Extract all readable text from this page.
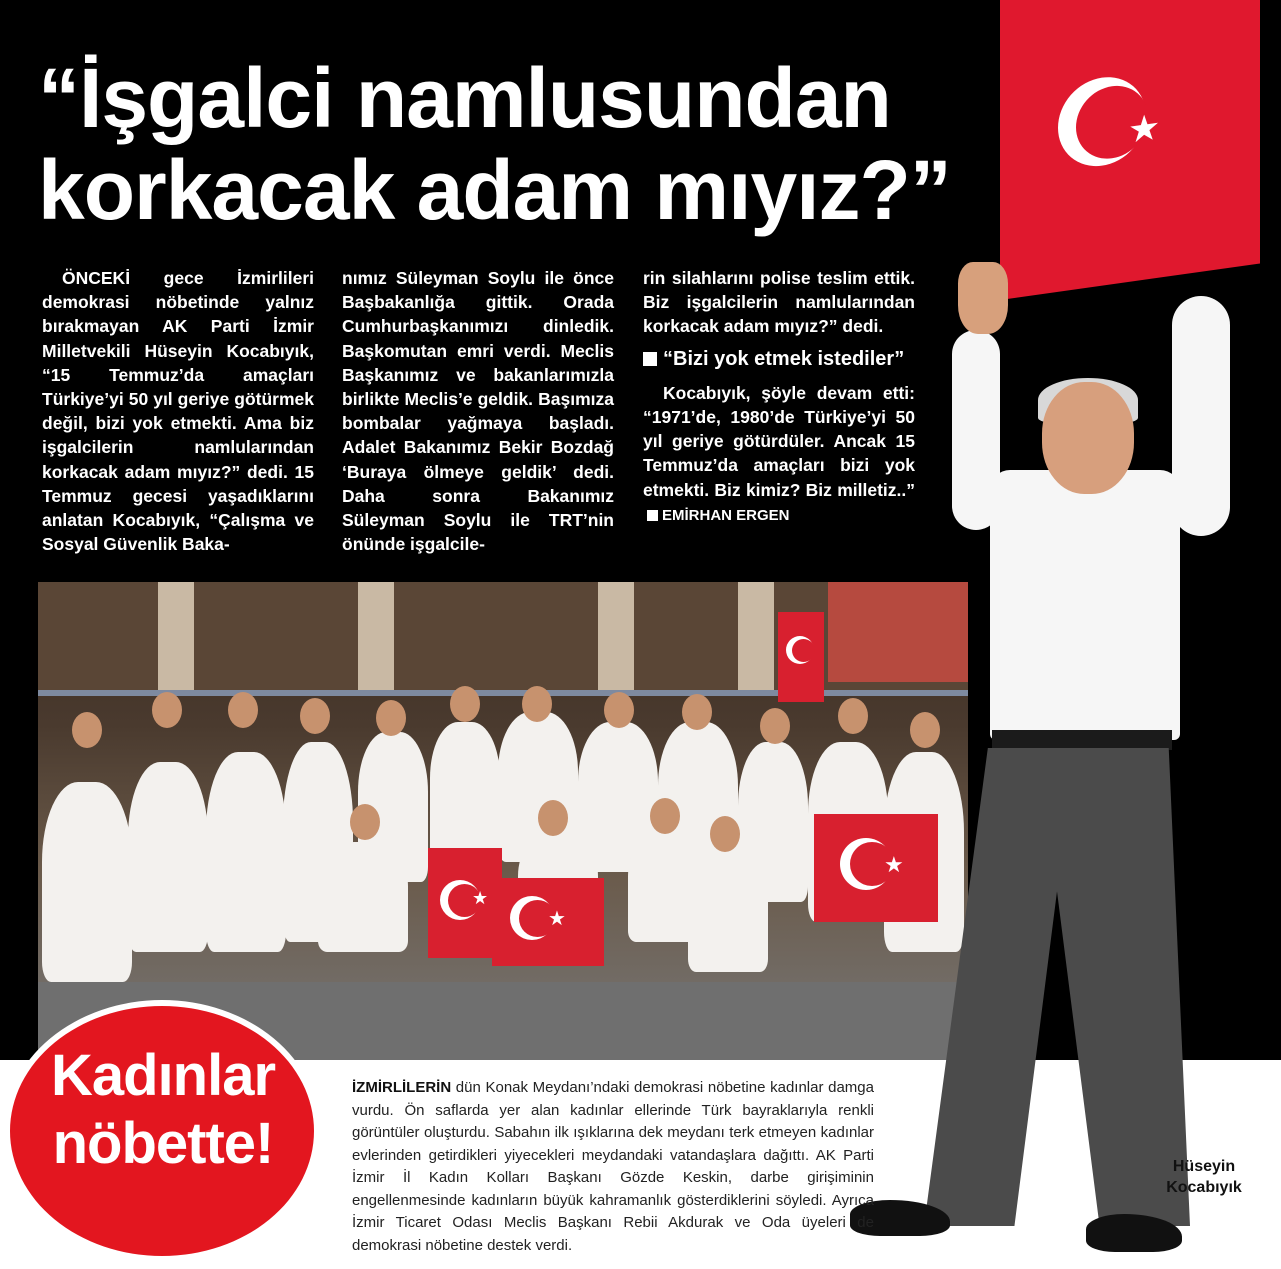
“İşgalci namlusundan
korkacak adam mıyız?”

ÖNCEKİ gece İzmirlileri demokrasi nöbetinde yalnız bırakmayan AK Parti İzmir Milletvekili Hüseyin Kocabıyık, “15 Temmuz’da amaçları Türkiye’yi 50 yıl geriye götürmek değil, bizi yok etmekti. Ama biz işgalcilerin namlularından korkacak adam mıyız?” dedi. 15 Temmuz gecesi yaşadıklarını anlatan Kocabıyık, “Çalışma ve Sosyal Güvenlik Baka-

nımız Süleyman Soylu ile önce Başbakanlığa gittik. Orada Cumhurbaşkanımızı dinledik. Başkomutan emri verdi. Meclis Başkanımız ve bakanlarımızla birlikte Meclis’e geldik. Başımıza bombalar yağmaya başladı. Adalet Bakanımız Bekir Bozdağ ‘Buraya ölmeye geldik’ dedi. Daha sonra Bakanımız Süleyman Soylu ile TRT’nin önünde işgalcile-

rin silahlarını polise teslim ettik. Biz işgalcilerin namlularından korkacak adam mıyız?” dedi.

“Bizi yok etmek istediler”

Kocabıyık, şöyle devam etti: “1971’de, 1980’de Türkiye’yi 50 yıl geriye götürdüler. Ancak 15 Temmuz’da amaçları bizi yok etmekti. Biz kimiz? Biz milletiz..” EMİRHAN ERGEN

★
★
★
★
Kadınlar
nöbette!
İZMİRLİLERİN dün Konak Meydanı’ndaki demokrasi nöbetine kadınlar damga vurdu. Ön saflarda yer alan kadınlar ellerinde Türk bayraklarıyla renkli görüntüler oluşturdu. Sabahın ilk ışıklarına dek meydanı terk etmeyen kadınlar evlerinden getirdikleri yiyecekleri meydandaki vatandaşlara dağıttı. AK Parti İzmir İl Kadın Kolları Başkanı Gözde Keskin, darbe girişiminin engellenmesinde kadınların büyük kahramanlık gösterdiklerini söyledi. Ayrıca İzmir Ticaret Odası Meclis Başkanı Rebii Akdurak ve Oda üyeleri de demokrasi nöbetine destek verdi.
Hüseyin
Kocabıyık
